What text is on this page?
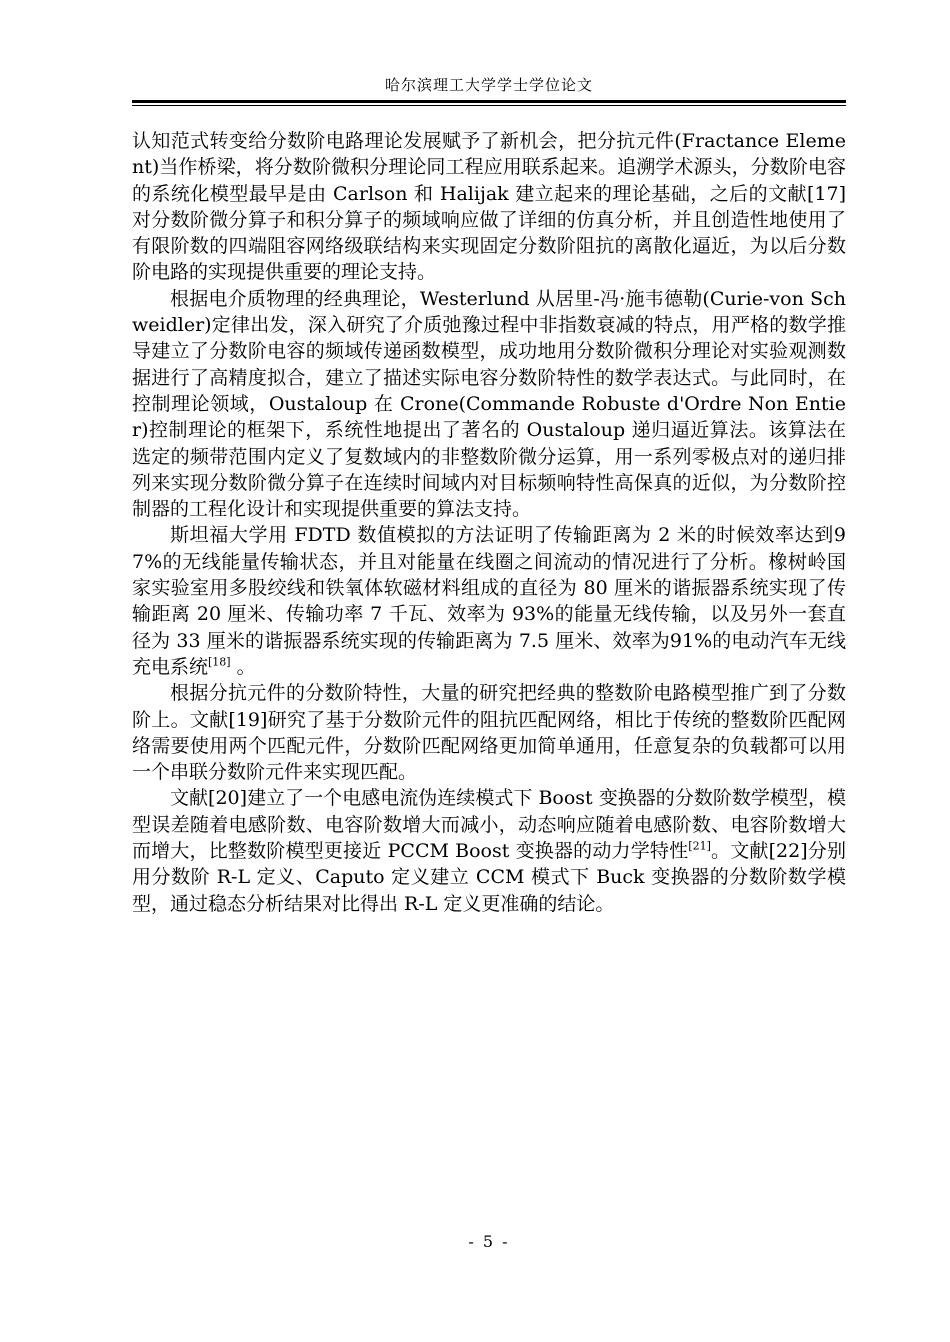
哈尔滨理工大学学士学位论文

认知范式转变给分数阶电路理论发展赋予了新机会，把分抗元件(Fractance Element)当作桥梁，将分数阶微积分理论同工程应用联系起来。追溯学术源头，分数阶电容的系统化模型最早是由 Carlson 和 Halijak 建立起来的理论基础，之后的文献[17] 对分数阶微分算子和积分算子的频域响应做了详细的仿真分析，并且创造性地使用了有限阶数的四端阻容网络级联结构来实现固定分数阶阻抗的离散化逼近，为以后分数阶电路的实现提供重要的理论支持。

根据电介质物理的经典理论，Westerlund 从居里-冯·施韦德勒(Curie-von Schweidler)定律出发，深入研究了介质弛豫过程中非指数衰减的特点，用严格的数学推导建立了分数阶电容的频域传递函数模型，成功地用分数阶微积分理论对实验观测数据进行了高精度拟合，建立了描述实际电容分数阶特性的数学表达式。与此同时，在控制理论领域，Oustaloup 在 Crone(Commande Robuste d'Ordre Non Entier)控制理论的框架下，系统性地提出了著名的 Oustaloup 递归逼近算法。该算法在选定的频带范围内定义了复数域内的非整数阶微分运算，用一系列零极点对的递归排列来实现分数阶微分算子在连续时间域内对目标频响特性高保真的近似，为分数阶控制器的工程化设计和实现提供重要的算法支持。

斯坦福大学用 FDTD 数值模拟的方法证明了传输距离为 2 米的时候效率达到97%的无线能量传输状态，并且对能量在线圈之间流动的情况进行了分析。橡树岭国家实验室用多股绞线和铁氧体软磁材料组成的直径为 80 厘米的谐振器系统实现了传输距离 20 厘米、传输功率 7 千瓦、效率为 93%的能量无线传输，以及另外一套直径为 33 厘米的谐振器系统实现的传输距离为 7.5 厘米、效率为91%的电动汽车无线充电系统[18] 。

根据分抗元件的分数阶特性，大量的研究把经典的整数阶电路模型推广到了分数阶上。文献[19]研究了基于分数阶元件的阻抗匹配网络，相比于传统的整数阶匹配网络需要使用两个匹配元件，分数阶匹配网络更加简单通用，任意复杂的负载都可以用一个串联分数阶元件来实现匹配。

文献[20]建立了一个电感电流伪连续模式下 Boost 变换器的分数阶数学模型，模型误差随着电感阶数、电容阶数增大而减小，动态响应随着电感阶数、电容阶数增大而增大，比整数阶模型更接近 PCCM Boost 变换器的动力学特性[21]。文献[22]分别用分数阶 R-L 定义、Caputo 定义建立 CCM 模式下 Buck 变换器的分数阶数学模型，通过稳态分析结果对比得出 R-L 定义更准确的结论。

- 5 -
